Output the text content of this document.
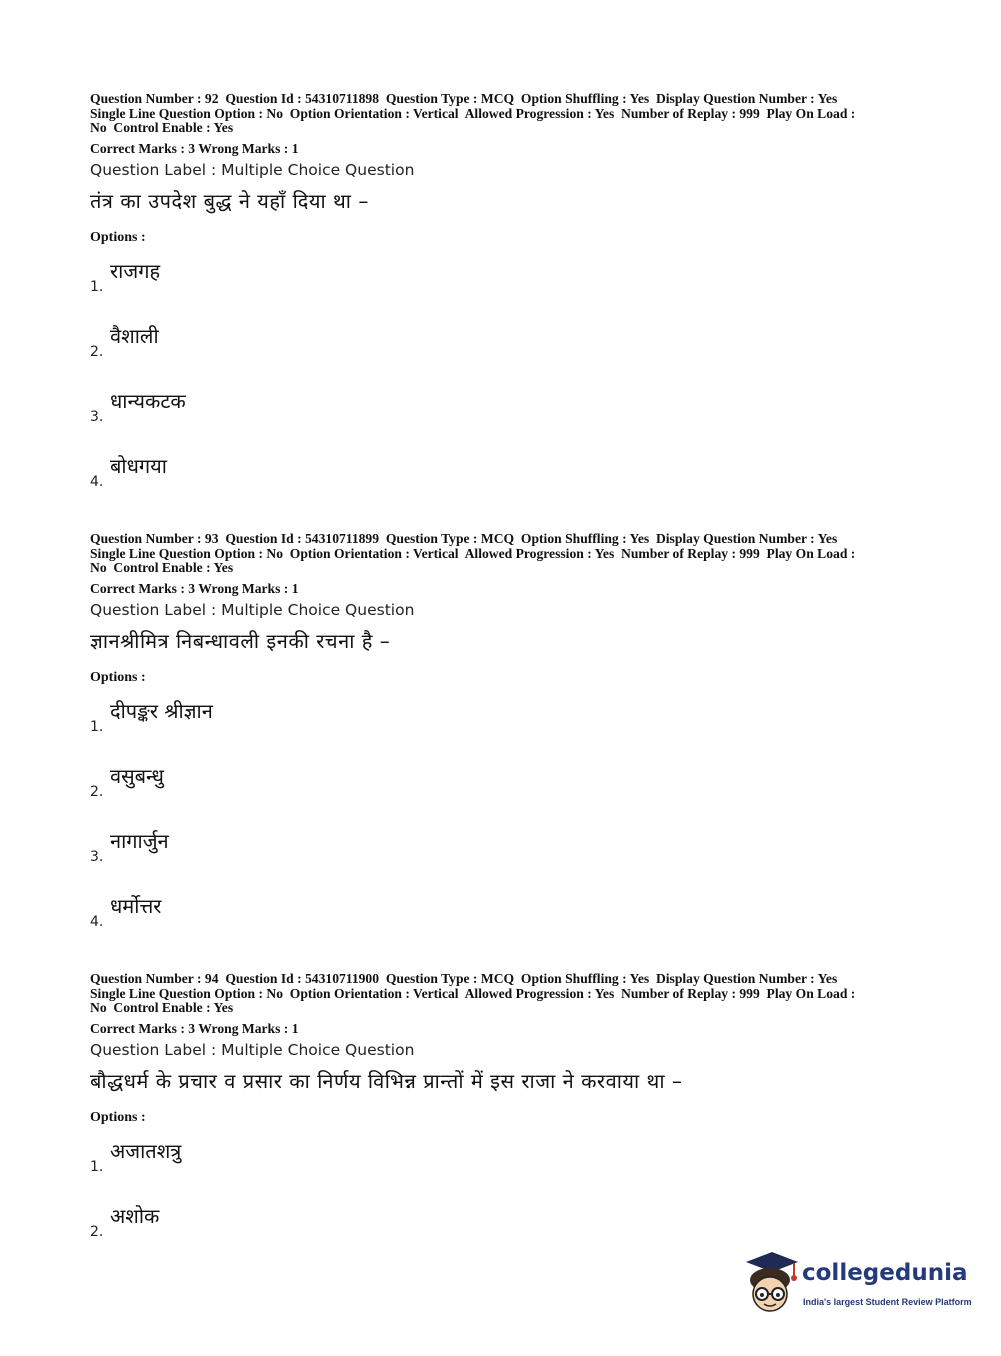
Question Number : 92  Question Id : 54310711898  Question Type : MCQ  Option Shuffling : Yes  Display Question Number : Yes
Single Line Question Option : No  Option Orientation : Vertical  Allowed Progression : Yes  Number of Replay : 999  Play On Load :
No  Control Enable : Yes
Correct Marks : 3 Wrong Marks : 1
Question Label : Multiple Choice Question
तंत्र का उपदेश बुद्ध ने यहाँ दिया था –
Options :
1.
राजगह
2.
वैशाली
3.
धान्यकटक
4.
बोधगया
Question Number : 93  Question Id : 54310711899  Question Type : MCQ  Option Shuffling : Yes  Display Question Number : Yes
Single Line Question Option : No  Option Orientation : Vertical  Allowed Progression : Yes  Number of Replay : 999  Play On Load :
No  Control Enable : Yes
Correct Marks : 3 Wrong Marks : 1
Question Label : Multiple Choice Question
ज्ञानश्रीमित्र निबन्धावली इनकी रचना है –
Options :
1.
दीपङ्कर श्रीज्ञान
2.
वसुबन्धु
3.
नागार्जुन
4.
धर्मोत्तर
Question Number : 94  Question Id : 54310711900  Question Type : MCQ  Option Shuffling : Yes  Display Question Number : Yes
Single Line Question Option : No  Option Orientation : Vertical  Allowed Progression : Yes  Number of Replay : 999  Play On Load :
No  Control Enable : Yes
Correct Marks : 3 Wrong Marks : 1
Question Label : Multiple Choice Question
बौद्धधर्म के प्रचार व प्रसार का निर्णय विभिन्न प्रान्तों में इस राजा ने करवाया था –
Options :
1.
अजातशत्रु
2.
अशोक
collegedunia
India's largest Student Review Platform
